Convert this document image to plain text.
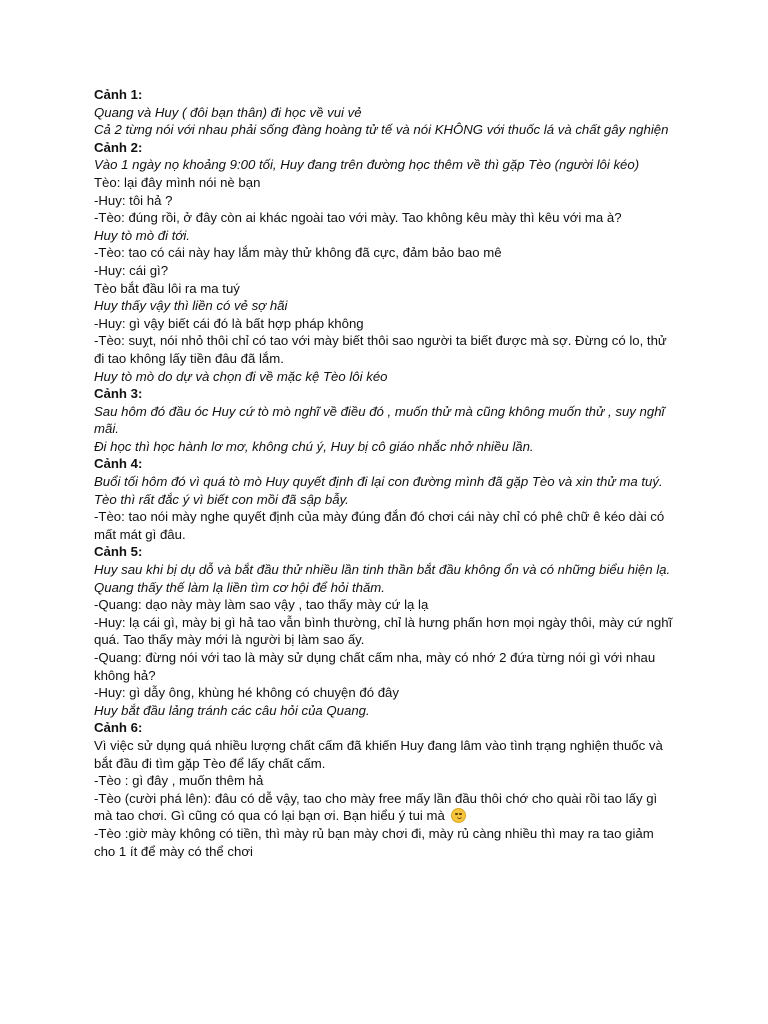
Cảnh 1:

Quang và Huy ( đôi bạn thân) đi học về vui vẻ

Cả 2 từng nói với nhau phải sống đàng hoàng tử tế và nói KHÔNG với thuốc lá và chất gây nghiện

Cảnh 2:

Vào 1 ngày nọ khoảng 9:00 tối, Huy đang trên đường học thêm về thì gặp Tèo (người lôi kéo)

Tèo: lại đây mình nói nè bạn

-Huy: tôi hả ?

-Tèo: đúng rồi, ở đây còn ai khác ngoài tao với mày. Tao không kêu mày thì kêu với ma à?

Huy tò mò đi tới.

-Tèo: tao có cái này hay lắm mày thử không đã cực, đảm bảo bao mê

-Huy: cái gì?

Tèo bắt đầu lôi ra ma tuý

Huy thấy vậy thì liền có vẻ sợ hãi

-Huy: gì vậy biết cái đó là bất hợp pháp không

-Tèo: suỵt, nói nhỏ thôi chỉ có tao với mày biết thôi sao người ta biết được mà sợ. Đừng có lo, thử đi tao không lấy tiền đâu đã lắm.

Huy tò mò do dự và chọn đi về mặc kệ Tèo lôi kéo

Cảnh 3:

Sau hôm đó đầu óc Huy cứ tò mò nghĩ về điều đó , muốn thử mà cũng không muốn thử , suy nghĩ mãi.

Đi học thì học hành lơ mơ, không chú ý, Huy bị cô giáo nhắc nhở nhiều lần.

Cảnh 4:

Buổi tối hôm đó vì quá tò mò Huy quyết định đi lại con đường mình đã gặp Tèo và xin thử ma tuý.

Tèo thì rất đắc ý vì biết con mồi đã sập bẫy.

-Tèo: tao nói mày nghe quyết định của mày đúng đắn đó chơi cái này chỉ có phê chữ ê kéo dài có mất mát gì đâu.

Cảnh 5:

Huy sau khi bị dụ dỗ và bắt đầu thử nhiều lần tinh thần bắt đầu không ổn và có những biểu hiện lạ.

Quang thấy thế làm lạ liền tìm cơ hội để hỏi thăm.

-Quang: dạo này mày làm sao vậy , tao thấy mày cứ lạ lạ

-Huy: lạ cái gì, mày bị gì hả tao vẫn bình thường, chỉ là hưng phấn hơn mọi ngày thôi, mày cứ nghĩ quá. Tao thấy mày mới là người bị làm sao ấy.

-Quang: đừng nói với tao là mày sử dụng chất cấm nha, mày có nhớ 2 đứa từng nói gì với nhau không hả?

-Huy: gì dẫy ông, khùng hé không có chuyện đó đây

Huy bắt đầu lảng tránh các câu hỏi của Quang.

Cảnh 6:

Vì việc sử dụng quá nhiều lượng chất cấm đã khiến Huy đang lâm vào tình trạng nghiện thuốc và bắt đầu đi tìm gặp Tèo để lấy chất cấm.

-Tèo : gì đây , muốn thêm hả

-Tèo (cười phá lên): đâu có dễ vậy, tao cho mày free mấy lần đầu thôi chớ cho quài rồi tao lấy gì mà tao chơi. Gì cũng có qua có lại bạn ơi. Bạn hiểu ý tui mà

-Tèo :giờ mày không có tiền, thì mày rủ bạn mày chơi đi, mày rủ càng nhiều thì may ra tao giảm cho 1 ít để mày có thể chơi
